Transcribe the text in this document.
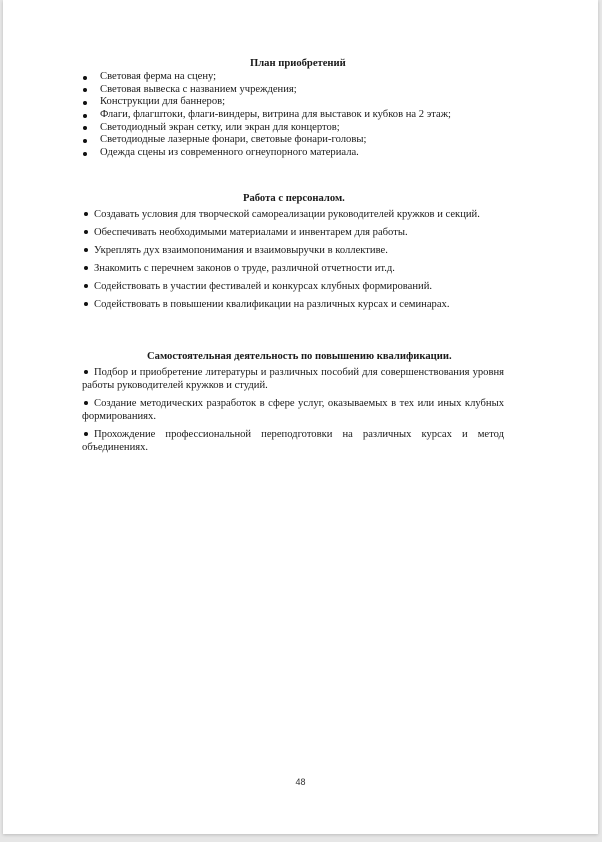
План приобретений
Световая ферма на сцену;
Световая вывеска с названием учреждения;
Конструкции для баннеров;
Флаги, флагштоки, флаги-виндеры, витрина для выставок и кубков на 2 этаж;
Светодиодный экран сетку, или экран для концертов;
Светодиодные лазерные фонари, световые фонари-головы;
Одежда сцены из современного огнеупорного материала.
Работа с персоналом.
Создавать условия для творческой самореализации руководителей кружков и секций.
Обеспечивать необходимыми материалами и инвентарем для работы.
Укреплять дух взаимопонимания и взаимовыручки в коллективе.
Знакомить с перечнем законов о труде, различной отчетности ит.д.
Содействовать в участии фестивалей и конкурсах клубных формирований.
Содействовать в повышении квалификации на различных курсах и семинарах.
Самостоятельная деятельность по повышению квалификации.
Подбор и приобретение литературы и различных пособий для совершенствования уровня работы руководителей кружков и студий.
Создание методических разработок в сфере услуг, оказываемых в тех или иных клубных формированиях.
Прохождение профессиональной переподготовки на различных курсах и метод объединениях.
48
